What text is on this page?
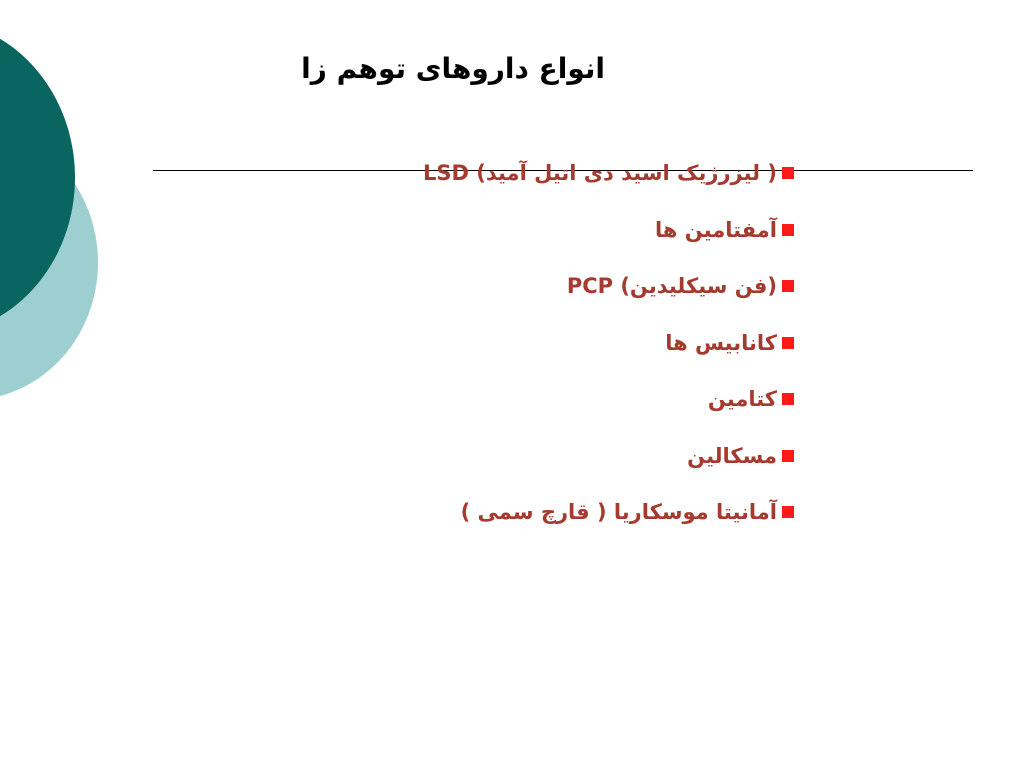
انواع داروهای توهم زا
LSD (لیزرژیک اسید دی اتیل آمید )
آمفتامین ها
PCP (فن سیکلیدین)
کانابیس ها
کتامین
مسکالین
آمانیتا موسکاریا ( قارچ سمی )
